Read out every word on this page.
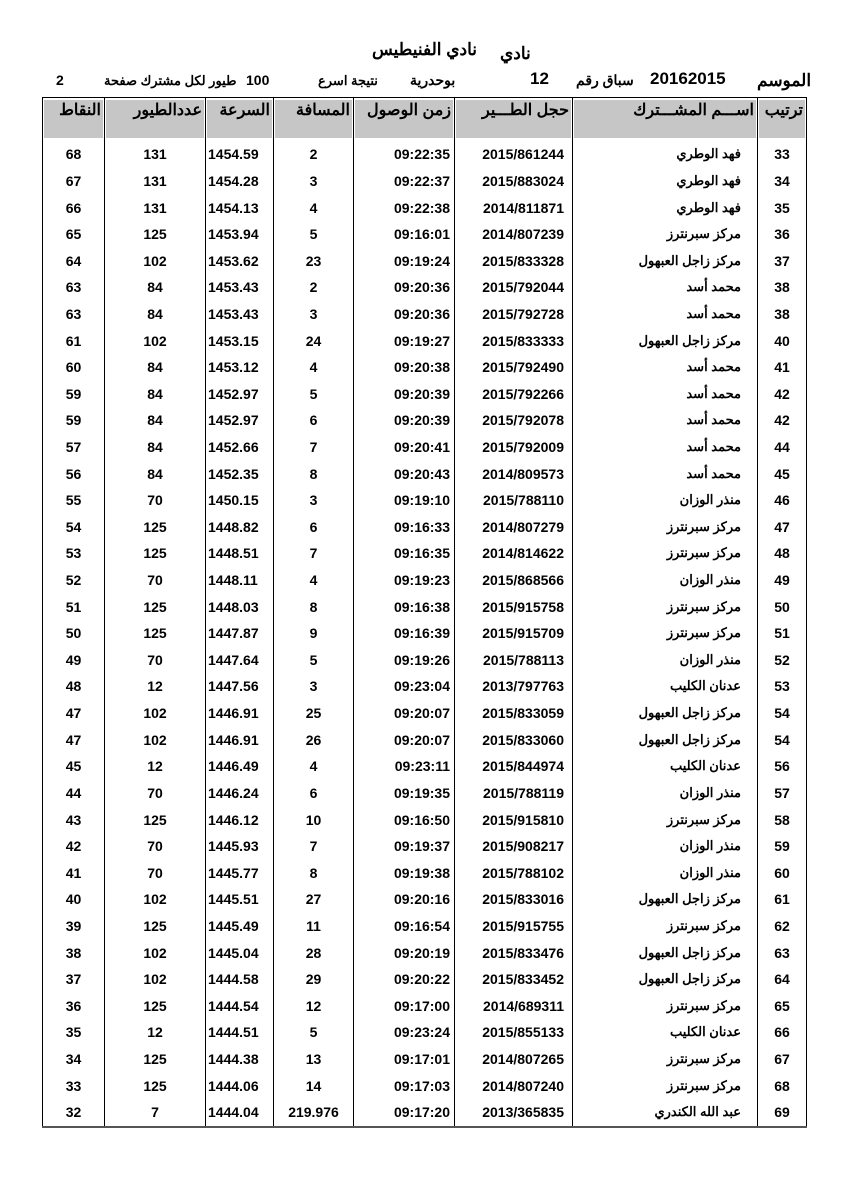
نادي
نادي الفنيطيس
الموسم
20162015
سباق رقم
12
بوحدرية
نتيجة اسرع
100
طيور لكل مشترك صفحة
2
ترتيب	اســـم المشـــترك	حجل الطـــير	زمن الوصول	المسافة	السرعة	عددالطيور	النقاط

33	فهد الوطري	2015/861244	09:22:35	2	1454.59	131	68
34	فهد الوطري	2015/883024	09:22:37	3	1454.28	131	67
35	فهد الوطري	2014/811871	09:22:38	4	1454.13	131	66
36	مركز سبرنترز	2014/807239	09:16:01	5	1453.94	125	65
37	مركز زاجل العبهول	2015/833328	09:19:24	23	1453.62	102	64
38	محمد أسد	2015/792044	09:20:36	2	1453.43	84	63
38	محمد أسد	2015/792728	09:20:36	3	1453.43	84	63
40	مركز زاجل العبهول	2015/833333	09:19:27	24	1453.15	102	61
41	محمد أسد	2015/792490	09:20:38	4	1453.12	84	60
42	محمد أسد	2015/792266	09:20:39	5	1452.97	84	59
42	محمد أسد	2015/792078	09:20:39	6	1452.97	84	59
44	محمد أسد	2015/792009	09:20:41	7	1452.66	84	57
45	محمد أسد	2014/809573	09:20:43	8	1452.35	84	56
46	منذر الوزان	2015/788110	09:19:10	3	1450.15	70	55
47	مركز سبرنترز	2014/807279	09:16:33	6	1448.82	125	54
48	مركز سبرنترز	2014/814622	09:16:35	7	1448.51	125	53
49	منذر الوزان	2015/868566	09:19:23	4	1448.11	70	52
50	مركز سبرنترز	2015/915758	09:16:38	8	1448.03	125	51
51	مركز سبرنترز	2015/915709	09:16:39	9	1447.87	125	50
52	منذر الوزان	2015/788113	09:19:26	5	1447.64	70	49
53	عدنان الكليب	2013/797763	09:23:04	3	1447.56	12	48
54	مركز زاجل العبهول	2015/833059	09:20:07	25	1446.91	102	47
54	مركز زاجل العبهول	2015/833060	09:20:07	26	1446.91	102	47
56	عدنان الكليب	2015/844974	09:23:11	4	1446.49	12	45
57	منذر الوزان	2015/788119	09:19:35	6	1446.24	70	44
58	مركز سبرنترز	2015/915810	09:16:50	10	1446.12	125	43
59	منذر الوزان	2015/908217	09:19:37	7	1445.93	70	42
60	منذر الوزان	2015/788102	09:19:38	8	1445.77	70	41
61	مركز زاجل العبهول	2015/833016	09:20:16	27	1445.51	102	40
62	مركز سبرنترز	2015/915755	09:16:54	11	1445.49	125	39
63	مركز زاجل العبهول	2015/833476	09:20:19	28	1445.04	102	38
64	مركز زاجل العبهول	2015/833452	09:20:22	29	1444.58	102	37
65	مركز سبرنترز	2014/689311	09:17:00	12	1444.54	125	36
66	عدنان الكليب	2015/855133	09:23:24	5	1444.51	12	35
67	مركز سبرنترز	2014/807265	09:17:01	13	1444.38	125	34
68	مركز سبرنترز	2014/807240	09:17:03	14	1444.06	125	33
69	عبد الله الكندري	2013/365835	09:17:20	219.976	1444.04	7	32
